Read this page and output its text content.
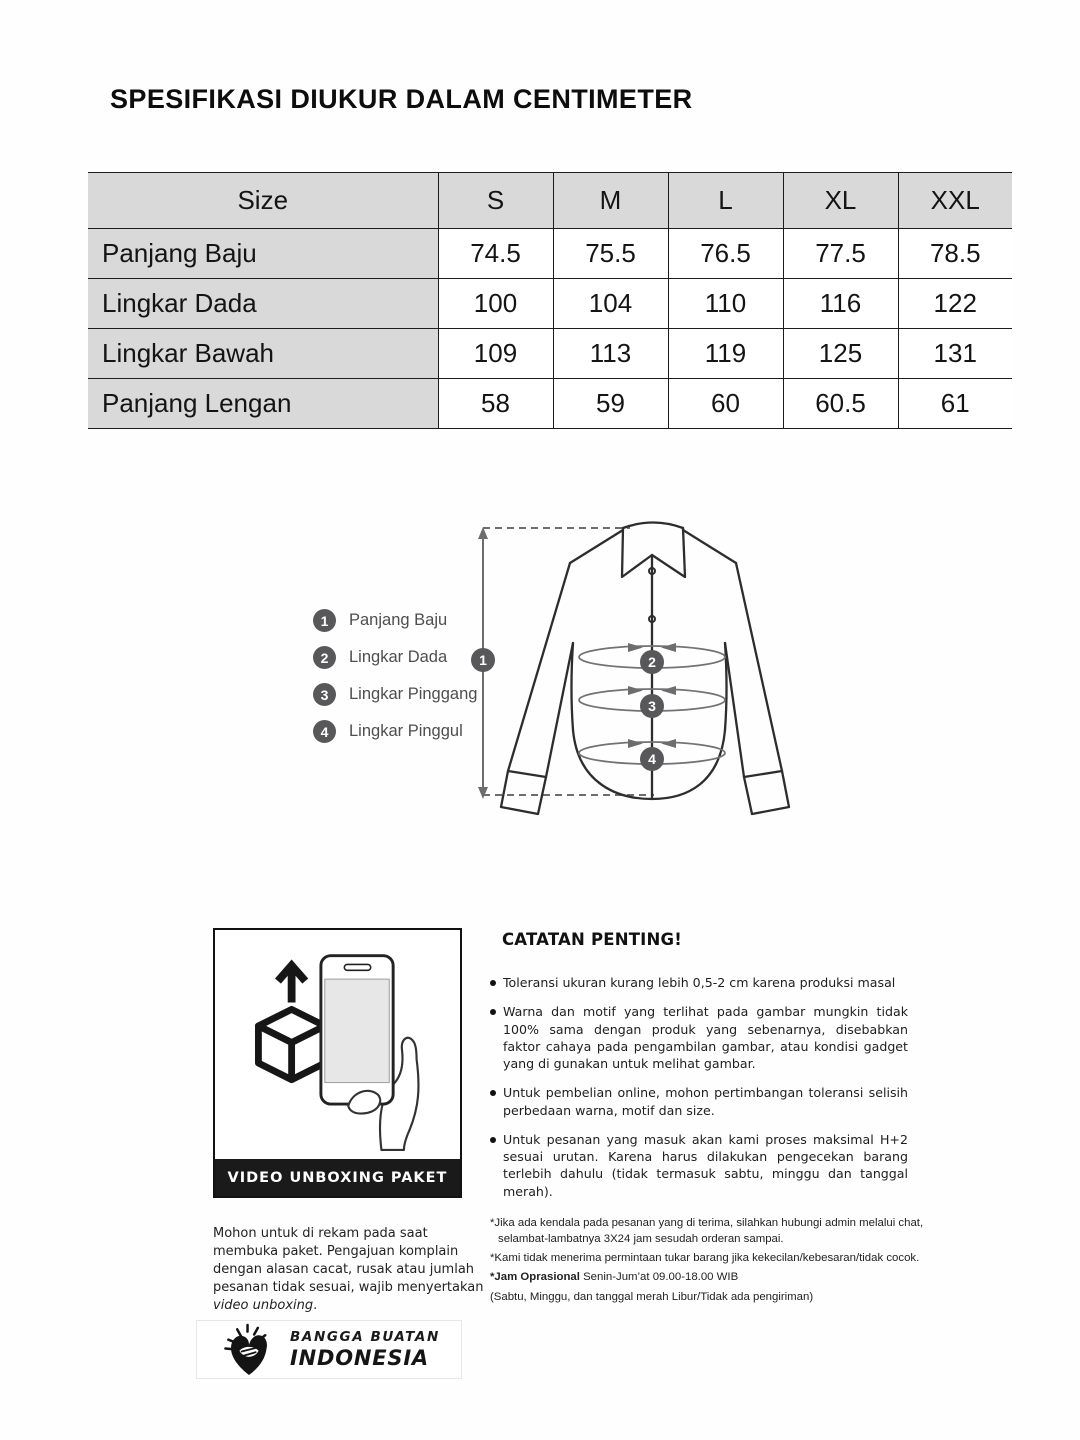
SPESIFIKASI DIUKUR DALAM CENTIMETER
Size	S	M	L	XL	XXL
Panjang Baju	74.5	75.5	76.5	77.5	78.5
Lingkar Dada	100	104	110	116	122
Lingkar Bawah	109	113	119	125	131
Panjang Lengan	58	59	60	60.5	61
1	Panjang Baju
2	Lingkar Dada
3	Lingkar Pinggang
4	Lingkar Pinggul
1	2
3
4
VIDEO UNBOXING PAKET

Mohon untuk di rekam pada saat membuka paket. Pengajuan komplain dengan alasan cacat, rusak atau jumlah pesanan tidak sesuai, wajib menyertakan video unboxing.

CATATAN PENTING!
Toleransi ukuran kurang lebih 0,5-2 cm karena produksi masal
Warna dan motif yang terlihat pada gambar mungkin tidak 100% sama dengan produk yang sebenarnya, disebabkan faktor cahaya pada pengambilan gambar, atau kondisi gadget yang di gunakan untuk melihat gambar.
Untuk pembelian online, mohon pertimbangan toleransi selisih perbedaan warna, motif dan size.
Untuk pesanan yang masuk akan kami proses maksimal H+2 sesuai urutan. Karena harus dilakukan pengecekan barang terlebih dahulu (tidak termasuk sabtu, minggu dan tanggal merah).

*Jika ada kendala pada pesanan yang di terima, silahkan hubungi admin melalui chat, selambat-lambatnya 3X24 jam sesudah orderan sampai.

*Kami tidak menerima permintaan tukar barang jika kekecilan/kebesaran/tidak cocok.

*Jam Oprasional Senin-Jum’at 09.00-18.00 WIB

(Sabtu, Minggu, dan tanggal merah Libur/Tidak ada pengiriman)

BANGGA BUATAN
INDONESIA
